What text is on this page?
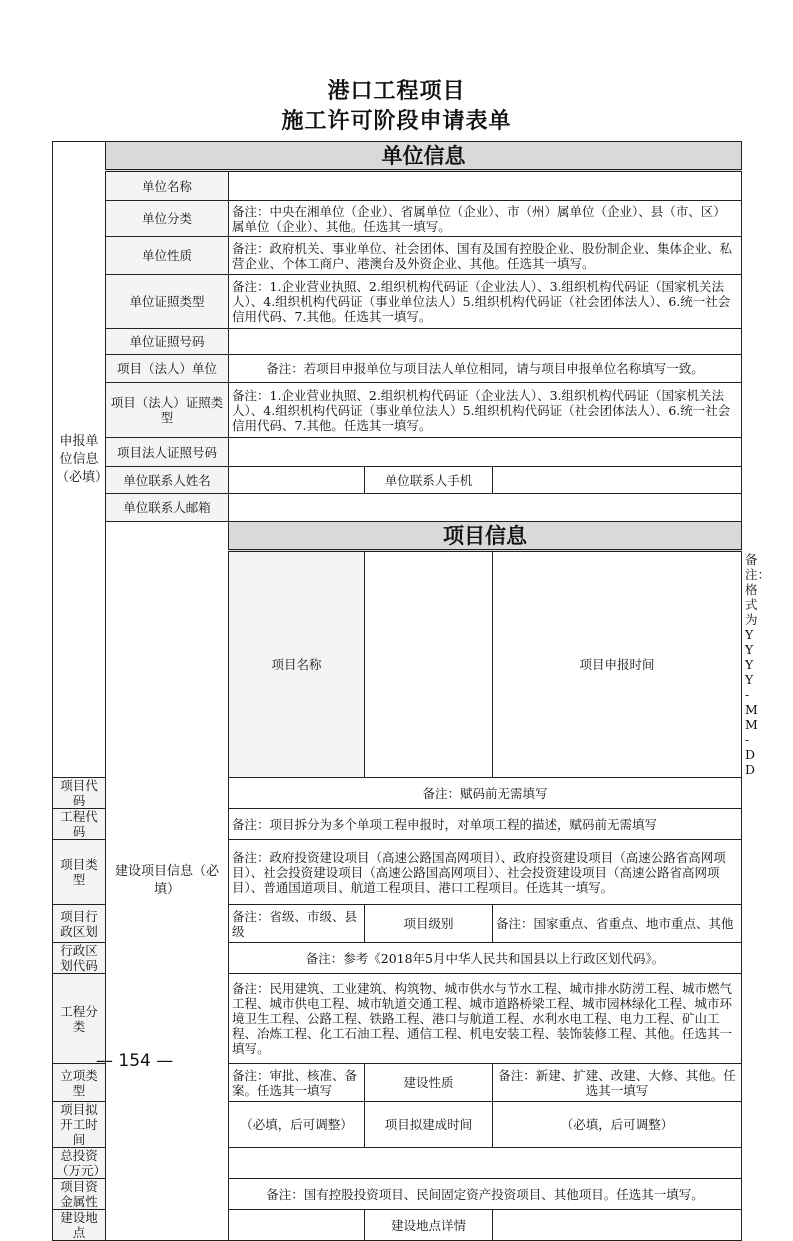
港口工程项目
施工许可阶段申请表单
申报单位信息（必填）	单位信息				
	单位名称				
	单位分类	备注：中央在湘单位（企业）、省属单位（企业）、市（州）属单位（企业）、县（市、区）属单位（企业）、其他。任选其一填写。			
	单位性质	备注：政府机关、事业单位、社会团体、国有及国有控股企业、股份制企业、集体企业、私营企业、个体工商户、港澳台及外资企业、其他。任选其一填写。			
	单位证照类型	备注：1.企业营业执照、2.组织机构代码证（企业法人）、3.组织机构代码证（国家机关法人）、4.组织机构代码证（事业单位法人）5.组织机构代码证（社会团体法人）、6.统一社会信用代码、7.其他。任选其一填写。			
	单位证照号码				
	项目（法人）单位	备注：若项目申报单位与项目法人单位相同，请与项目申报单位名称填写一致。			
	项目（法人）证照类型	备注：1.企业营业执照、2.组织机构代码证（企业法人）、3.组织机构代码证（国家机关法人）、4.组织机构代码证（事业单位法人）5.组织机构代码证（社会团体法人）、6.统一社会信用代码、7.其他。任选其一填写。			
	项目法人证照号码				
	单位联系人姓名		单位联系人手机		
	单位联系人邮箱				
	建设项目信息（必填）	项目信息			
		项目名称		项目申报时间	备注：格式为YYYY-MM-DD
项目代码		备注：赋码前无需填写			
工程代码		备注：项目拆分为多个单项工程申报时，对单项工程的描述，赋码前无需填写			
项目类型		备注：政府投资建设项目（高速公路国高网项目）、政府投资建设项目（高速公路省高网项目）、社会投资建设项目（高速公路国高网项目）、社会投资建设项目（高速公路省高网项目）、普通国道项目、航道工程项目、港口工程项目。任选其一填写。			
项目行政区划		备注：省级、市级、县级	项目级别	备注：国家重点、省重点、地市重点、其他	
行政区划代码		备注：参考《2018年5月中华人民共和国县以上行政区划代码》。			
工程分类		备注：民用建筑、工业建筑、构筑物、城市供水与节水工程、城市排水防涝工程、城市燃气工程、城市供电工程、城市轨道交通工程、城市道路桥梁工程、城市园林绿化工程、城市环境卫生工程、公路工程、铁路工程、港口与航道工程、水利水电工程、电力工程、矿山工程、冶炼工程、化工石油工程、通信工程、机电安装工程、装饰装修工程、其他。任选其一填写。			
立项类型		备注：审批、核准、备案。任选其一填写	建设性质	备注：新建、扩建、改建、大修、其他。任选其一填写	
项目拟开工时间		（必填，后可调整）	项目拟建成时间	（必填，后可调整）	
总投资（万元）					
项目资金属性		备注：国有控股投资项目、民间固定资产投资项目、其他项目。任选其一填写。			
建设地点			建设地点详情		
— 154 —
